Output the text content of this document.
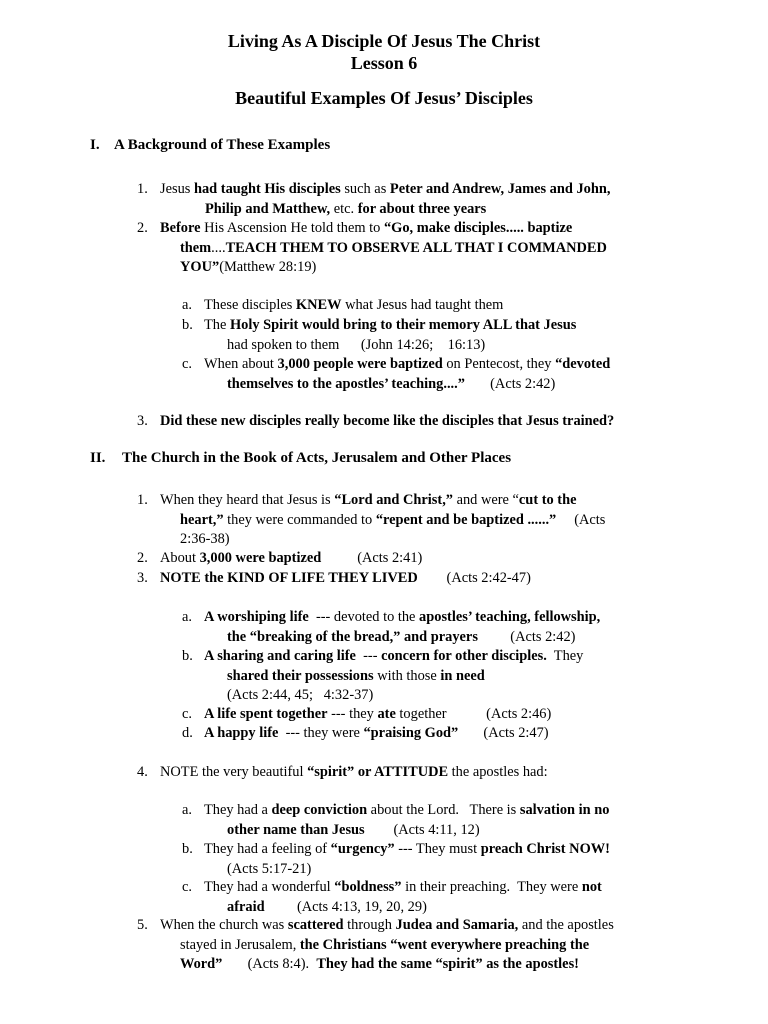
Living As A Disciple Of Jesus The Christ
Lesson 6
Beautiful Examples Of Jesus’ Disciples
I. A Background of These Examples
II. The Church in the Book of Acts, Jerusalem and Other Places
1. Jesus had taught His disciples such as Peter and Andrew, James and John,
Philip and Matthew, etc. for about three years
2. Before His Ascension He told them to “Go, make disciples..... baptize
them....TEACH THEM TO OBSERVE ALL THAT I COMMANDED
YOU”(Matthew 28:19)
a. These disciples KNEW what Jesus had taught them
b. The Holy Spirit would bring to their memory ALL that Jesus
had spoken to them      (John 14:26;    16:13)
c. When about 3,000 people were baptized on Pentecost, they “devoted
themselves to the apostles’ teaching....”       (Acts 2:42)
3. Did these new disciples really become like the disciples that Jesus trained?
1. When they heard that Jesus is “Lord and Christ,” and were “cut to the
heart,” they were commanded to “repent and be baptized ......”     (Acts
2:36-38)
2. About 3,000 were baptized          (Acts 2:41)
3. NOTE the KIND OF LIFE THEY LIVED        (Acts 2:42-47)
a. A worshiping life  --- devoted to the apostles’ teaching, fellowship,
the “breaking of the bread,” and prayers         (Acts 2:42)
b. A sharing and caring life  --- concern for other disciples.  They
shared their possessions with those in need
(Acts 2:44, 45;   4:32-37)
c. A life spent together --- they ate together           (Acts 2:46)
d. A happy life  --- they were “praising God”       (Acts 2:47)
4. NOTE the very beautiful “spirit” or ATTITUDE the apostles had:
a. They had a deep conviction about the Lord.   There is salvation in no
other name than Jesus        (Acts 4:11, 12)
b. They had a feeling of “urgency” --- They must preach Christ NOW!
(Acts 5:17-21)
c. They had a wonderful “boldness” in their preaching.  They were not
afraid         (Acts 4:13, 19, 20, 29)
5. When the church was scattered through Judea and Samaria, and the apostles
stayed in Jerusalem, the Christians “went everywhere preaching the
Word”       (Acts 8:4).  They had the same “spirit” as the apostles!
